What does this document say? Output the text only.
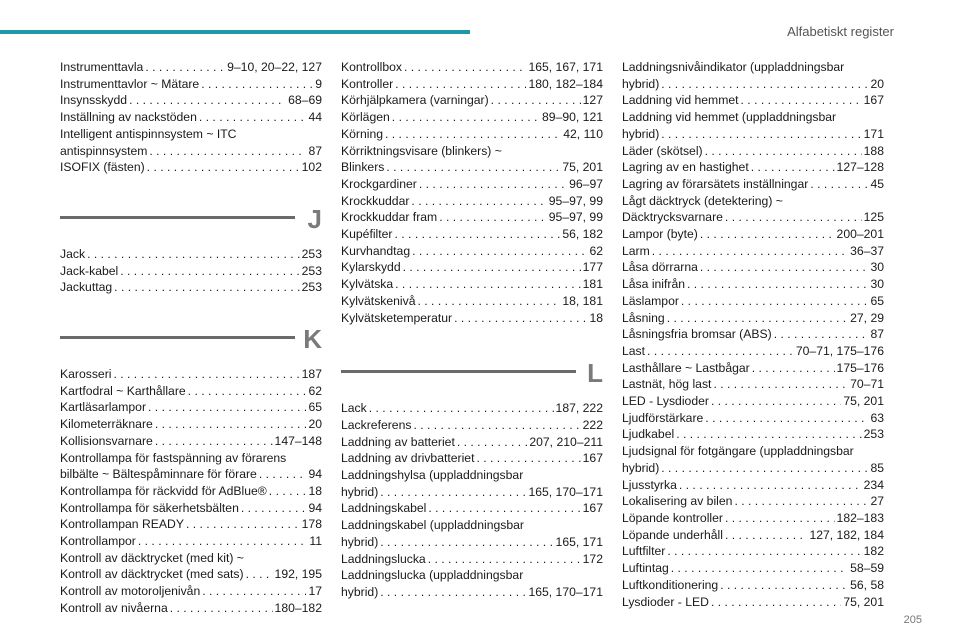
Alfabetiskt register
Instrumenttavla . . .	9–10, 20–22, 127
Instrumenttavlor ~ Mätare . . .	9
Insynsskydd . . .	68–69
Inställning av nackstöden . . .	44
Intelligent antispinnsystem ~ ITC
antispinnsystem . . .	87
ISOFIX (fästen) . . .	102
J
Jack . . .	253
Jack-kabel . . .	253
Jackuttag . . .	253
K
Karosseri . . .	187
Kartfodral ~ Karthållare . . .	62
Kartläsarlampor . . .	65
Kilometerräknare . . .	20
Kollisionsvarnare . . .	147–148
Kontrollampa för fastspänning av förarens
bilbälte ~ Bältespåminnare för förare . . .	94
Kontrollampa för räckvidd för AdBlue® . . .	18
Kontrollampa för säkerhetsbälten . . .	94
Kontrollampan READY . . .	178
Kontrollampor . . .	11
Kontroll av däcktrycket (med kit) ~
Kontroll av däcktrycket (med sats) . . .	192, 195
Kontroll av motoroljenivån . . .	17
Kontroll av nivåerna . . .	180–182
Kontrollbox . . .	165, 167, 171
Kontroller . . .	180, 182–184
Körhjälpkamera (varningar) . . .	127
Körlägen . . .	89–90, 121
Körning . . .	42, 110
Körriktningsvisare (blinkers) ~
Blinkers . . .	75, 201
Krockgardiner . . .	96–97
Krockkuddar . . .	95–97, 99
Krockkuddar fram . . .	95–97, 99
Kupéfilter . . .	56, 182
Kurvhandtag . . .	62
Kylarskydd . . .	177
Kylvätska . . .	181
Kylvätskenivå . . .	18, 181
Kylvätsketemperatur . . .	18
L
Lack . . .	187, 222
Lackreferens . . .	222
Laddning av batteriet . . .	207, 210–211
Laddning av drivbatteriet . . .	167
Laddningshylsa (uppladdningsbar
hybrid) . . .	165, 170–171
Laddningskabel . . .	167
Laddningskabel (uppladdningsbar
hybrid) . . .	165, 171
Laddningslucka . . .	172
Laddningslucka (uppladdningsbar
hybrid) . . .	165, 170–171
Laddningsnivåindikator (uppladdningsbar
hybrid) . . .	20
Laddning vid hemmet . . .	167
Laddning vid hemmet (uppladdningsbar
hybrid) . . .	171
Läder (skötsel) . . .	188
Lagring av en hastighet . . .	127–128
Lagring av förarsätets inställningar . . .	45
Lågt däcktryck (detektering) ~
Däcktrycksvarnare . . .	125
Lampor (byte) . . .	200–201
Larm . . .	36–37
Låsa dörrarna . . .	30
Låsa inifrån . . .	30
Läslampor . . .	65
Låsning . . .	27, 29
Låsningsfria bromsar (ABS) . . .	87
Last . . .	70–71, 175–176
Lasthållare ~ Lastbågar . . .	175–176
Lastnät, hög last . . .	70–71
LED - Lysdioder . . .	75, 201
Ljudförstärkare . . .	63
Ljudkabel . . .	253
Ljudsignal för fotgängare (uppladdningsbar
hybrid) . . .	85
Ljusstyrka . . .	234
Lokalisering av bilen . . .	27
Löpande kontroller . . .	182–183
Löpande underhåll . . .	127, 182, 184
Luftfilter . . .	182
Luftintag . . .	58–59
Luftkonditionering . . .	56, 58
Lysdioder - LED . . .	75, 201
205
